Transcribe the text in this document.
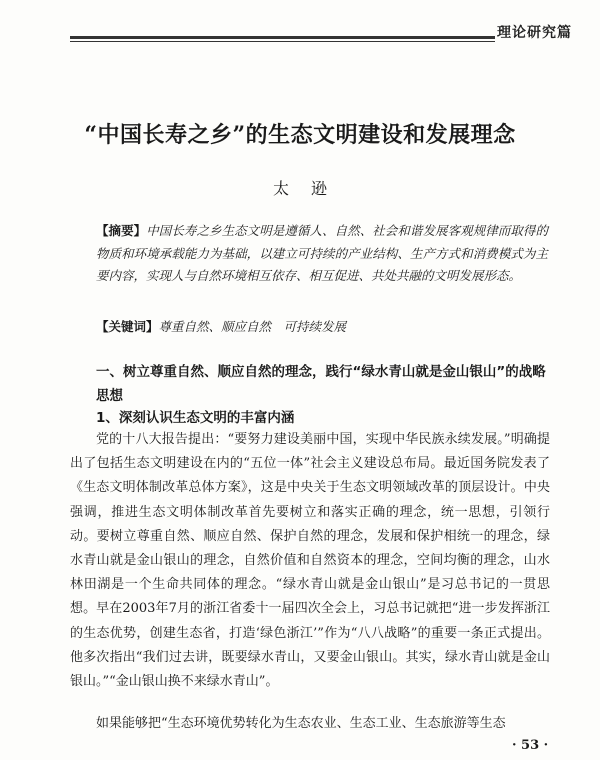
理论研究篇
“中国长寿之乡”的生态文明建设和发展理念
太逊
【摘要】中国长寿之乡生态文明是遵循人、自然、社会和谐发展客观规律而取得的物质和环境承载能力为基础，以建立可持续的产业结构、生产方式和消费模式为主要内容，实现人与自然环境相互依存、相互促进、共处共融的文明发展形态。
【关键词】尊重自然、顺应自然　可持续发展
一、树立尊重自然、顺应自然的理念，践行“绿水青山就是金山银山”的战略思想
1、深刻认识生态文明的丰富内涵

党的十八大报告提出：“要努力建设美丽中国，实现中华民族永续发展。”明确提出了包括生态文明建设在内的“五位一体”社会主义建设总布局。最近国务院发表了《生态文明体制改革总体方案》，这是中央关于生态文明领域改革的顶层设计。中央强调，推进生态文明体制改革首先要树立和落实正确的理念，统一思想，引领行动。要树立尊重自然、顺应自然、保护自然的理念，发展和保护相统一的理念，绿水青山就是金山银山的理念，自然价值和自然资本的理念，空间均衡的理念，山水林田湖是一个生命共同体的理念。“绿水青山就是金山银山”是习总书记的一贯思想。早在2003年7月的浙江省委十一届四次全会上，习总书记就把“进一步发挥浙江的生态优势，创建生态省，打造‘绿色浙江’”作为“八八战略”的重要一条正式提出。他多次指出“我们过去讲，既要绿水青山，又要金山银山。其实，绿水青山就是金山银山。”“金山银山换不来绿水青山”。

如果能够把“生态环境优势转化为生态农业、生态工业、生态旅游等生态

· 53 ·
